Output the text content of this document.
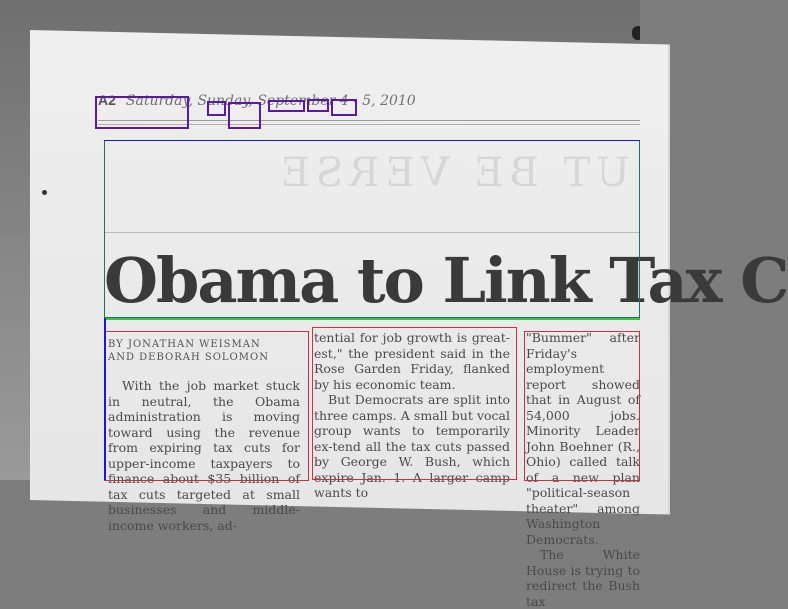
A2 Saturday, Sunday, September 4 - 5, 2010
UT BE VERSE
Obama to Link Tax C
BY JONATHAN WEISMAN
AND DEBORAH SOLOMON

With the job market stuck in neutral, the Obama administration is moving toward using the revenue from expiring tax cuts for upper-income taxpayers to finance about $35 billion of tax cuts targeted at small businesses and middle-income workers, ad-

tential for job growth is great-est," the president said in the Rose Garden Friday, flanked by his economic team.

But Democrats are split into three camps. A small but vocal group wants to temporarily ex-tend all the tax cuts passed by George W. Bush, which expire Jan. 1. A larger camp wants to

"Bummer" after Friday's employment report showed that in August of 54,000 jobs. Minority Leader John Boehner (R., Ohio) called talk of a new plan "political-season theater" among Washington Democrats.

The White House is trying to redirect the Bush tax
